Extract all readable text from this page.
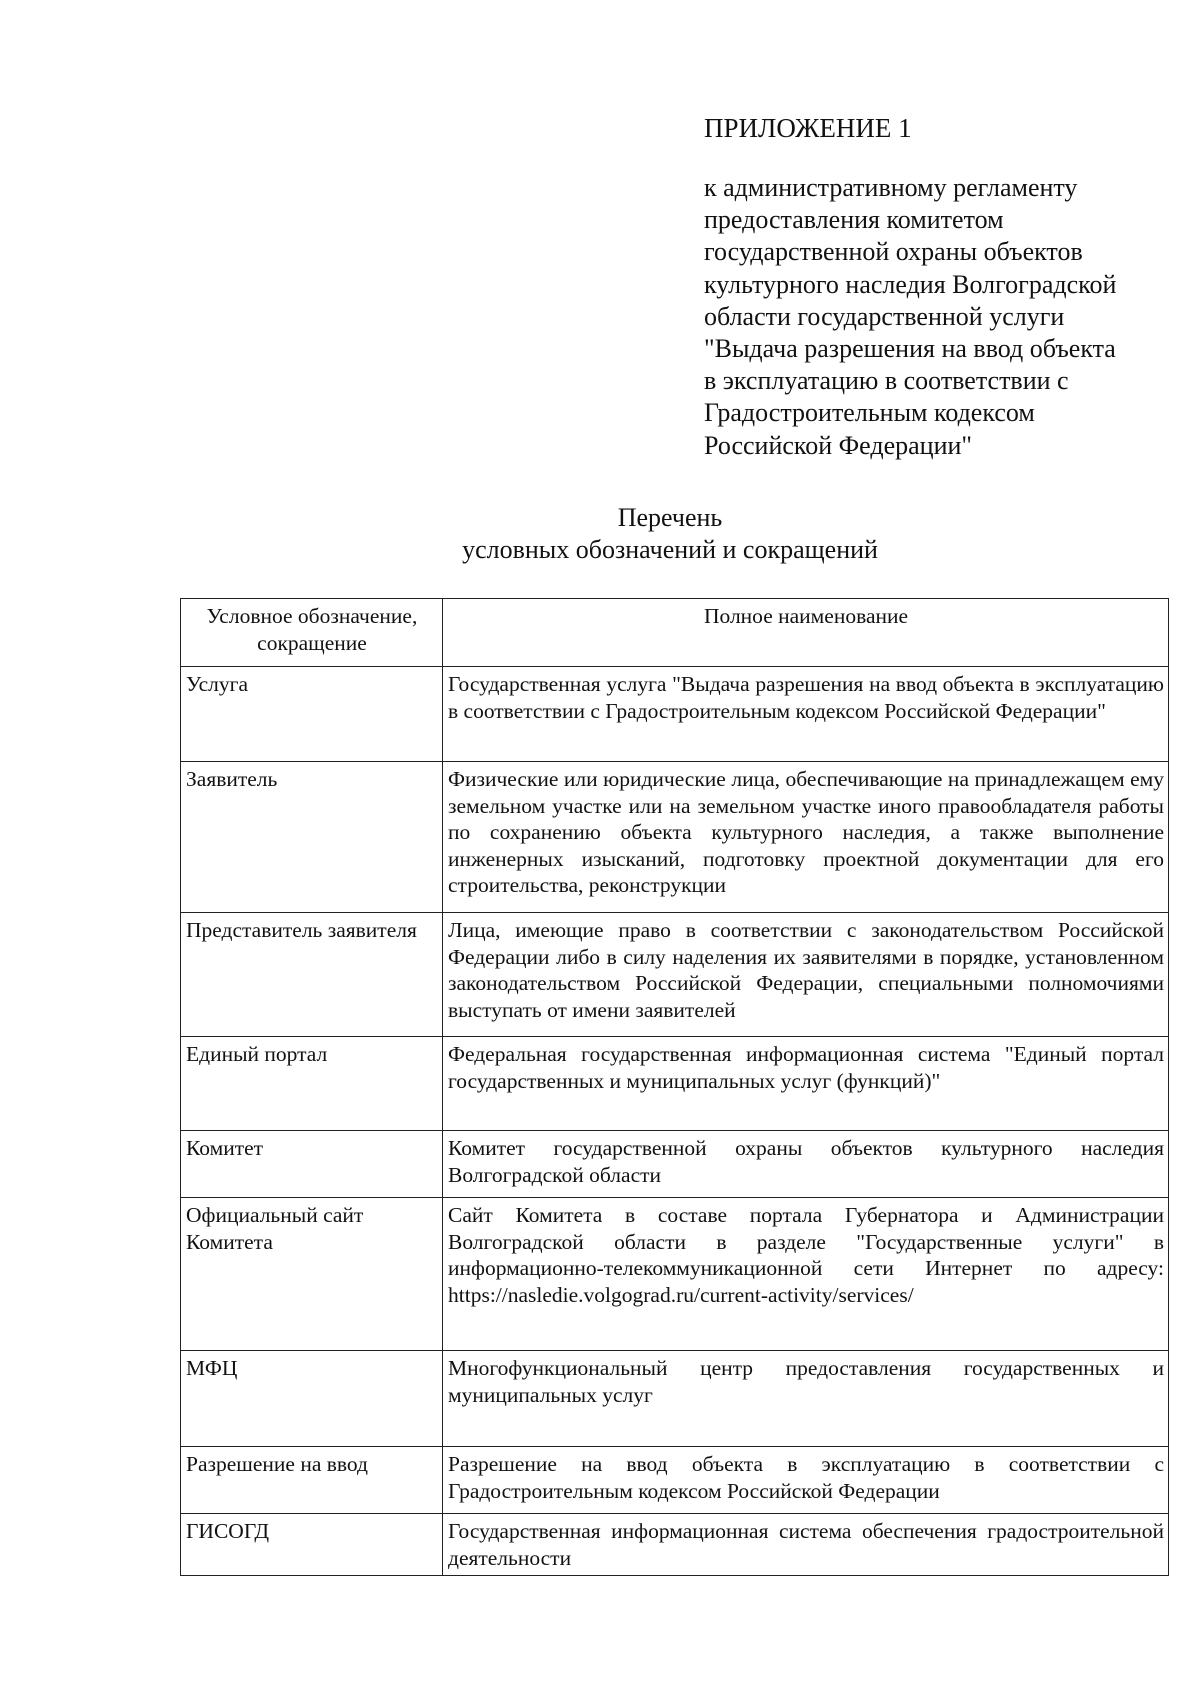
ПРИЛОЖЕНИЕ 1
к административному регламенту
предоставления комитетом
государственной охраны объектов
культурного наследия Волгоградской
области государственной услуги
"Выдача разрешения на ввод объекта
в эксплуатацию в соответствии с
Градостроительным кодексом
Российской Федерации"
Перечень
условных обозначений и сокращений
Условное обозначение, сокращение	Полное наименование
Услуга	Государственная услуга "Выдача разрешения на ввод объекта в эксплуатацию в соответствии с Градостроительным кодексом Российской Федерации"
Заявитель	Физические или юридические лица, обеспечивающие на принадлежащем ему земельном участке или на земельном участке иного правообладателя работы по сохранению объекта культурного наследия, а также выполнение инженерных изысканий, подготовку проектной документации для его строительства, реконструкции
Представитель заявителя	Лица, имеющие право в соответствии с законодательством Российской Федерации либо в силу наделения их заявителями в порядке, установленном законодательством Российской Федерации, специальными полномочиями выступать от имени заявителей
Единый портал	Федеральная государственная информационная система "Единый портал государственных и муниципальных услуг (функций)"
Комитет	Комитет государственной охраны объектов культурного наследия Волгоградской области
Официальный сайт Комитета	Сайт Комитета в составе портала Губернатора и Администрации Волгоградской области в разделе "Государственные услуги" в информационно-телекоммуникационной сети Интернет по адресу: https://nasledie.volgograd.ru/current-activity/services/
МФЦ	Многофункциональный центр предоставления государственных и муниципальных услуг
Разрешение на ввод	Разрешение на ввод объекта в эксплуатацию в соответствии с Градостроительным кодексом Российской Федерации
ГИСОГД	Государственная информационная система обеспечения градостроительной деятельности
